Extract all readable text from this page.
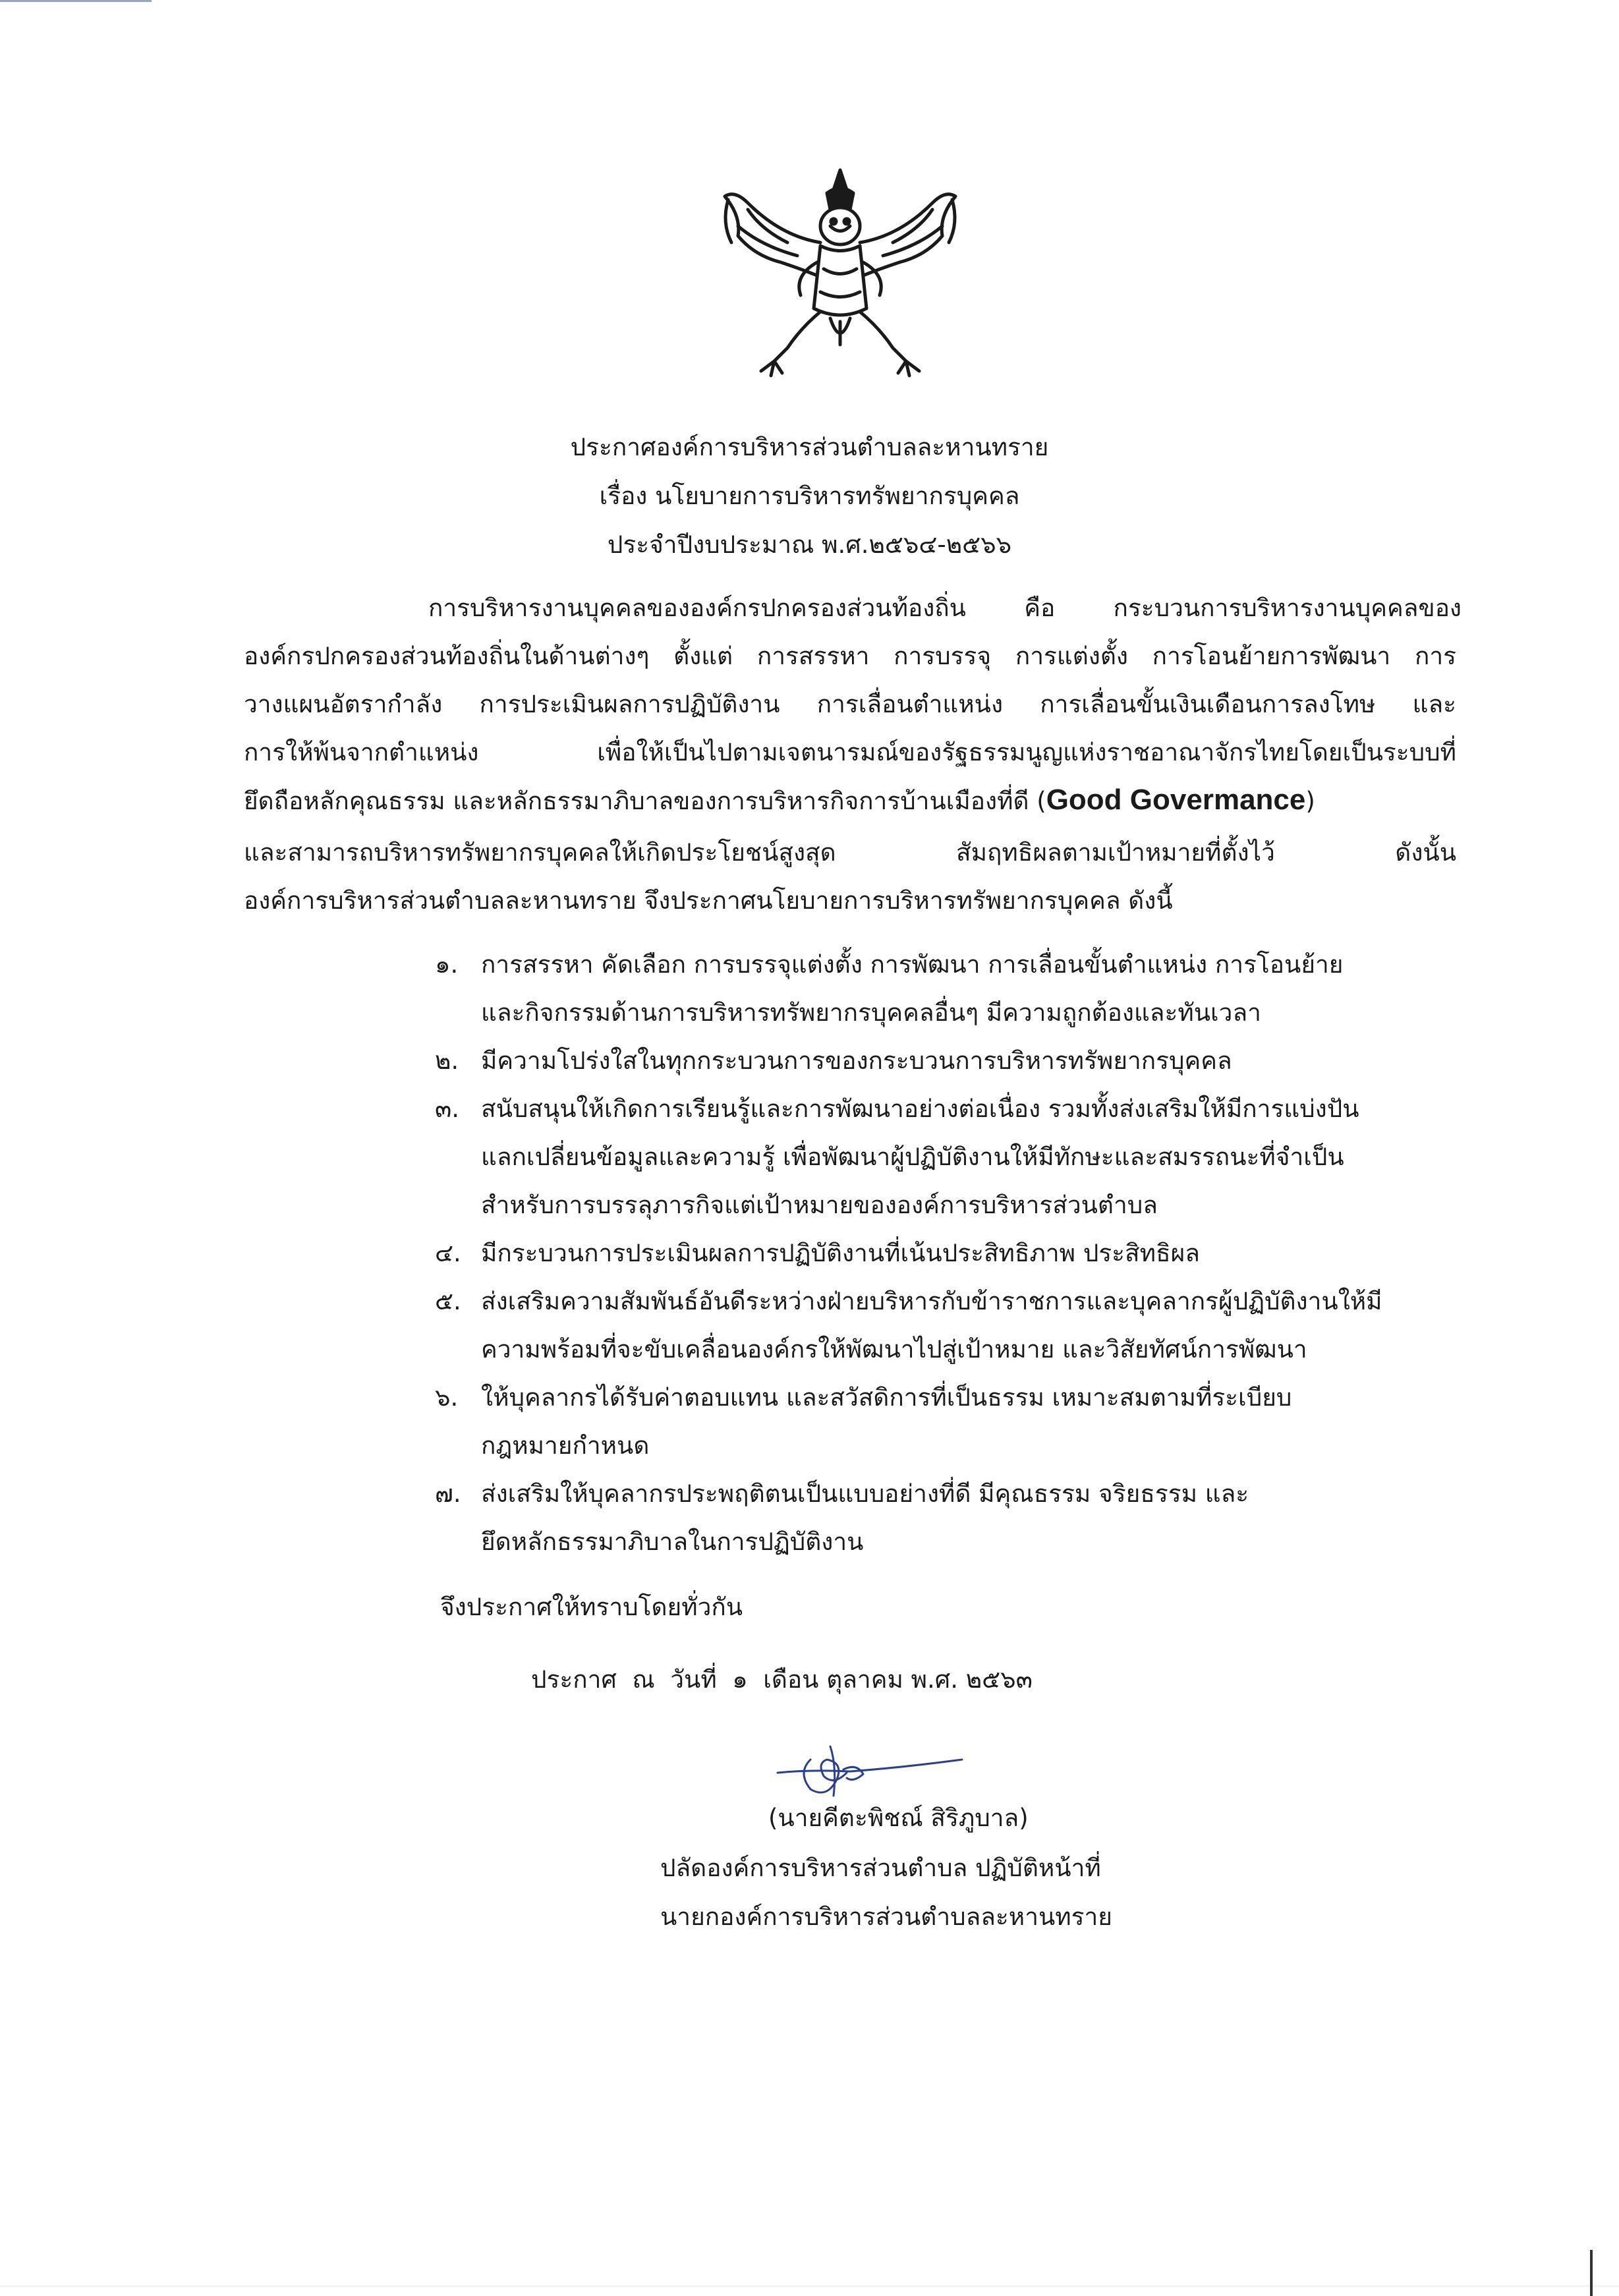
ประกาศองค์การบริหารส่วนตำบลละหานทราย
เรื่อง นโยบายการบริหารทรัพยากรบุคคล
ประจำปีงบประมาณ พ.ศ.๒๕๖๔-๒๕๖๖
การบริหารงานบุคคลขององค์กรปกครองส่วนท้องถิ่น คือ กระบวนการบริหารงานบุคคลของ
องค์กรปกครองส่วนท้องถิ่นในด้านต่างๆ ตั้งแต่ การสรรหา การบรรจุ การแต่งตั้ง การโอนย้ายการพัฒนา การ
วางแผนอัตรากำลัง การประเมินผลการปฏิบัติงาน การเลื่อนตำแหน่ง การเลื่อนขั้นเงินเดือนการลงโทษ และ
การให้พ้นจากตำแหน่ง เพื่อให้เป็นไปตามเจตนารมณ์ของรัฐธรรมนูญแห่งราชอาณาจักรไทยโดยเป็นระบบที่
ยึดถือหลักคุณธรรม และหลักธรรมาภิบาลของการบริหารกิจการบ้านเมืองที่ดี (Good Govermance)
และสามารถบริหารทรัพยากรบุคคลให้เกิดประโยชน์สูงสุด สัมฤทธิผลตามเป้าหมายที่ตั้งไว้ ดังนั้น
องค์การบริหารส่วนตำบลละหานทราย จึงประกาศนโยบายการบริหารทรัพยากรบุคคล ดังนี้
๑. การสรรหา คัดเลือก การบรรจุแต่งตั้ง การพัฒนา การเลื่อนขั้นตำแหน่ง การโอนย้าย
และกิจกรรมด้านการบริหารทรัพยากรบุคคลอื่นๆ มีความถูกต้องและทันเวลา
๒. มีความโปร่งใสในทุกกระบวนการของกระบวนการบริหารทรัพยากรบุคคล
๓. สนับสนุนให้เกิดการเรียนรู้และการพัฒนาอย่างต่อเนื่อง รวมทั้งส่งเสริมให้มีการแบ่งปัน
แลกเปลี่ยนข้อมูลและความรู้ เพื่อพัฒนาผู้ปฏิบัติงานให้มีทักษะและสมรรถนะที่จำเป็น
สำหรับการบรรลุภารกิจแต่เป้าหมายขององค์การบริหารส่วนตำบล
๔. มีกระบวนการประเมินผลการปฏิบัติงานที่เน้นประสิทธิภาพ ประสิทธิผล
๕. ส่งเสริมความสัมพันธ์อันดีระหว่างฝ่ายบริหารกับข้าราชการและบุคลากรผู้ปฏิบัติงานให้มี
ความพร้อมที่จะขับเคลื่อนองค์กรให้พัฒนาไปสู่เป้าหมาย และวิสัยทัศน์การพัฒนา
๖. ให้บุคลากรได้รับค่าตอบแทน และสวัสดิการที่เป็นธรรม เหมาะสมตามที่ระเบียบ
กฎหมายกำหนด
๗. ส่งเสริมให้บุคลากรประพฤติตนเป็นแบบอย่างที่ดี มีคุณธรรม จริยธรรม และ
ยึดหลักธรรมาภิบาลในการปฏิบัติงาน
จึงประกาศให้ทราบโดยทั่วกัน
ประกาศ  ณ  วันที่  ๑  เดือน ตุลาคม พ.ศ. ๒๕๖๓
(นายคีตะพิชณ์ สิริภูบาล)
ปลัดองค์การบริหารส่วนตำบล ปฏิบัติหน้าที่
นายกองค์การบริหารส่วนตำบลละหานทราย
